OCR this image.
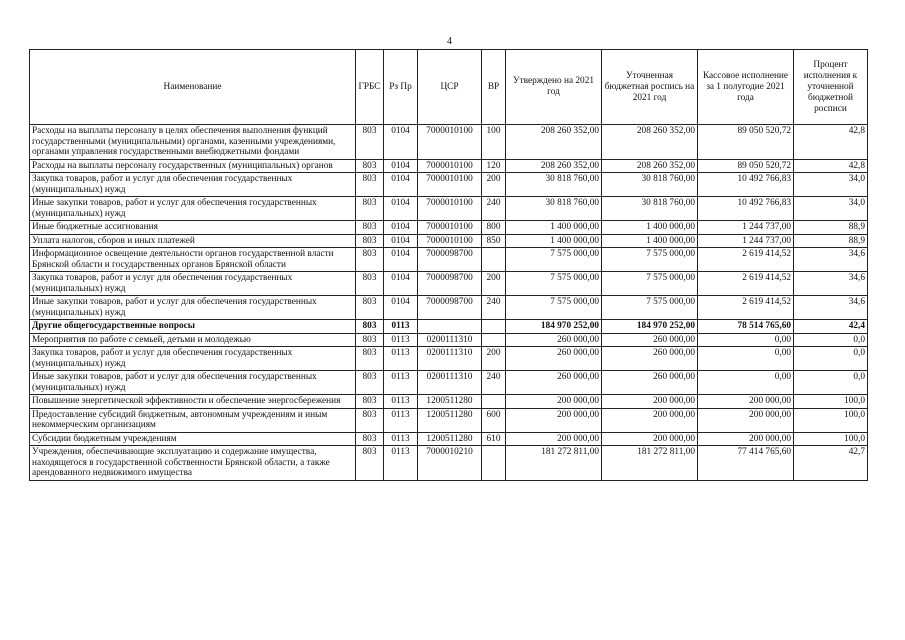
4
Наименование	ГРБС	Рз Пр	ЦСР	ВР	Утверждено на 2021 год	Уточненная бюджетная роспись на 2021 год	Кассовое исполнение за 1 полугодие 2021 года	Процент исполнения к уточненной бюджетной росписи
Расходы на выплаты персоналу в целях обеспечения выполнения функций государственными (муниципальными) органами, казенными учреждениями, органами управления государственными внебюджетными фондами	803	0104	7000010100	100	208 260 352,00	208 260 352,00	89 050 520,72	42,8
Расходы на выплаты персоналу государственных (муниципальных) органов	803	0104	7000010100	120	208 260 352,00	208 260 352,00	89 050 520,72	42,8
Закупка товаров, работ и услуг для обеспечения государственных (муниципальных) нужд	803	0104	7000010100	200	30 818 760,00	30 818 760,00	10 492 766,83	34,0
Иные закупки товаров, работ и услуг для обеспечения государственных (муниципальных) нужд	803	0104	7000010100	240	30 818 760,00	30 818 760,00	10 492 766,83	34,0
Иные бюджетные ассигнования	803	0104	7000010100	800	1 400 000,00	1 400 000,00	1 244 737,00	88,9
Уплата налогов, сборов и иных платежей	803	0104	7000010100	850	1 400 000,00	1 400 000,00	1 244 737,00	88,9
Информационное освещение деятельности органов государственной власти Брянской области и государственных органов Брянской области	803	0104	7000098700		7 575 000,00	7 575 000,00	2 619 414,52	34,6
Закупка товаров, работ и услуг для обеспечения государственных (муниципальных) нужд	803	0104	7000098700	200	7 575 000,00	7 575 000,00	2 619 414,52	34,6
Иные закупки товаров, работ и услуг для обеспечения государственных (муниципальных) нужд	803	0104	7000098700	240	7 575 000,00	7 575 000,00	2 619 414,52	34,6
Другие общегосударственные вопросы	803	0113			184 970 252,00	184 970 252,00	78 514 765,60	42,4
Мероприятия по работе с семьей, детьми и молодежью	803	0113	0200111310		260 000,00	260 000,00	0,00	0,0
Закупка товаров, работ и услуг для обеспечения государственных (муниципальных) нужд	803	0113	0200111310	200	260 000,00	260 000,00	0,00	0,0
Иные закупки товаров, работ и услуг для обеспечения государственных (муниципальных) нужд	803	0113	0200111310	240	260 000,00	260 000,00	0,00	0,0
Повышение энергетической эффективности и обеспечение энергосбережения	803	0113	1200511280		200 000,00	200 000,00	200 000,00	100,0
Предоставление субсидий бюджетным, автономным учреждениям и иным некоммерческим организациям	803	0113	1200511280	600	200 000,00	200 000,00	200 000,00	100,0
Субсидии бюджетным учреждениям	803	0113	1200511280	610	200 000,00	200 000,00	200 000,00	100,0
Учреждения, обеспечивающие эксплуатацию и содержание имущества, находящегося в государственной собственности Брянской области, а также арендованного недвижимого имущества	803	0113	7000010210		181 272 811,00	181 272 811,00	77 414 765,60	42,7
